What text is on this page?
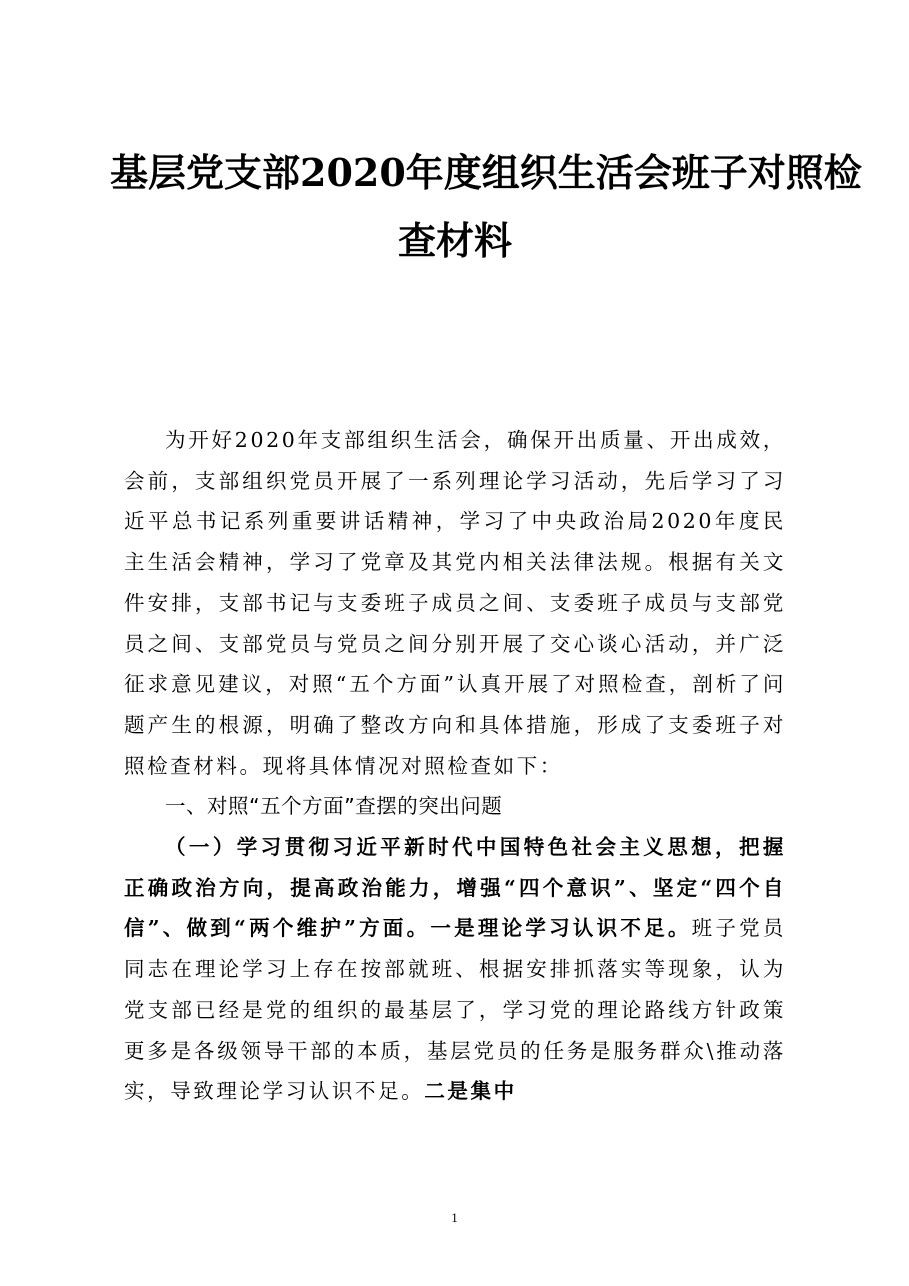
基层党支部2020年度组织生活会班子对照检
查材料

为开好2020年支部组织生活会，确保开出质量、开出成效，会前，支部组织党员开展了一系列理论学习活动，先后学习了习近平总书记系列重要讲话精神，学习了中央政治局2020年度民主生活会精神，学习了党章及其党内相关法律法规。根据有关文件安排，支部书记与支委班子成员之间、支委班子成员与支部党员之间、支部党员与党员之间分别开展了交心谈心活动，并广泛征求意见建议，对照“五个方面”认真开展了对照检查，剖析了问题产生的根源，明确了整改方向和具体措施，形成了支委班子对照检查材料。现将具体情况对照检查如下：

一、对照“五个方面”查摆的突出问题

（一）学习贯彻习近平新时代中国特色社会主义思想，把握正确政治方向，提高政治能力，增强“四个意识”、坚定“四个自信”、做到“两个维护”方面。一是理论学习认识不足。班子党员同志在理论学习上存在按部就班、根据安排抓落实等现象，认为党支部已经是党的组织的最基层了，学习党的理论路线方针政策更多是各级领导干部的本质，基层党员的任务是服务群众\推动落实，导致理论学习认识不足。二是集中

1
